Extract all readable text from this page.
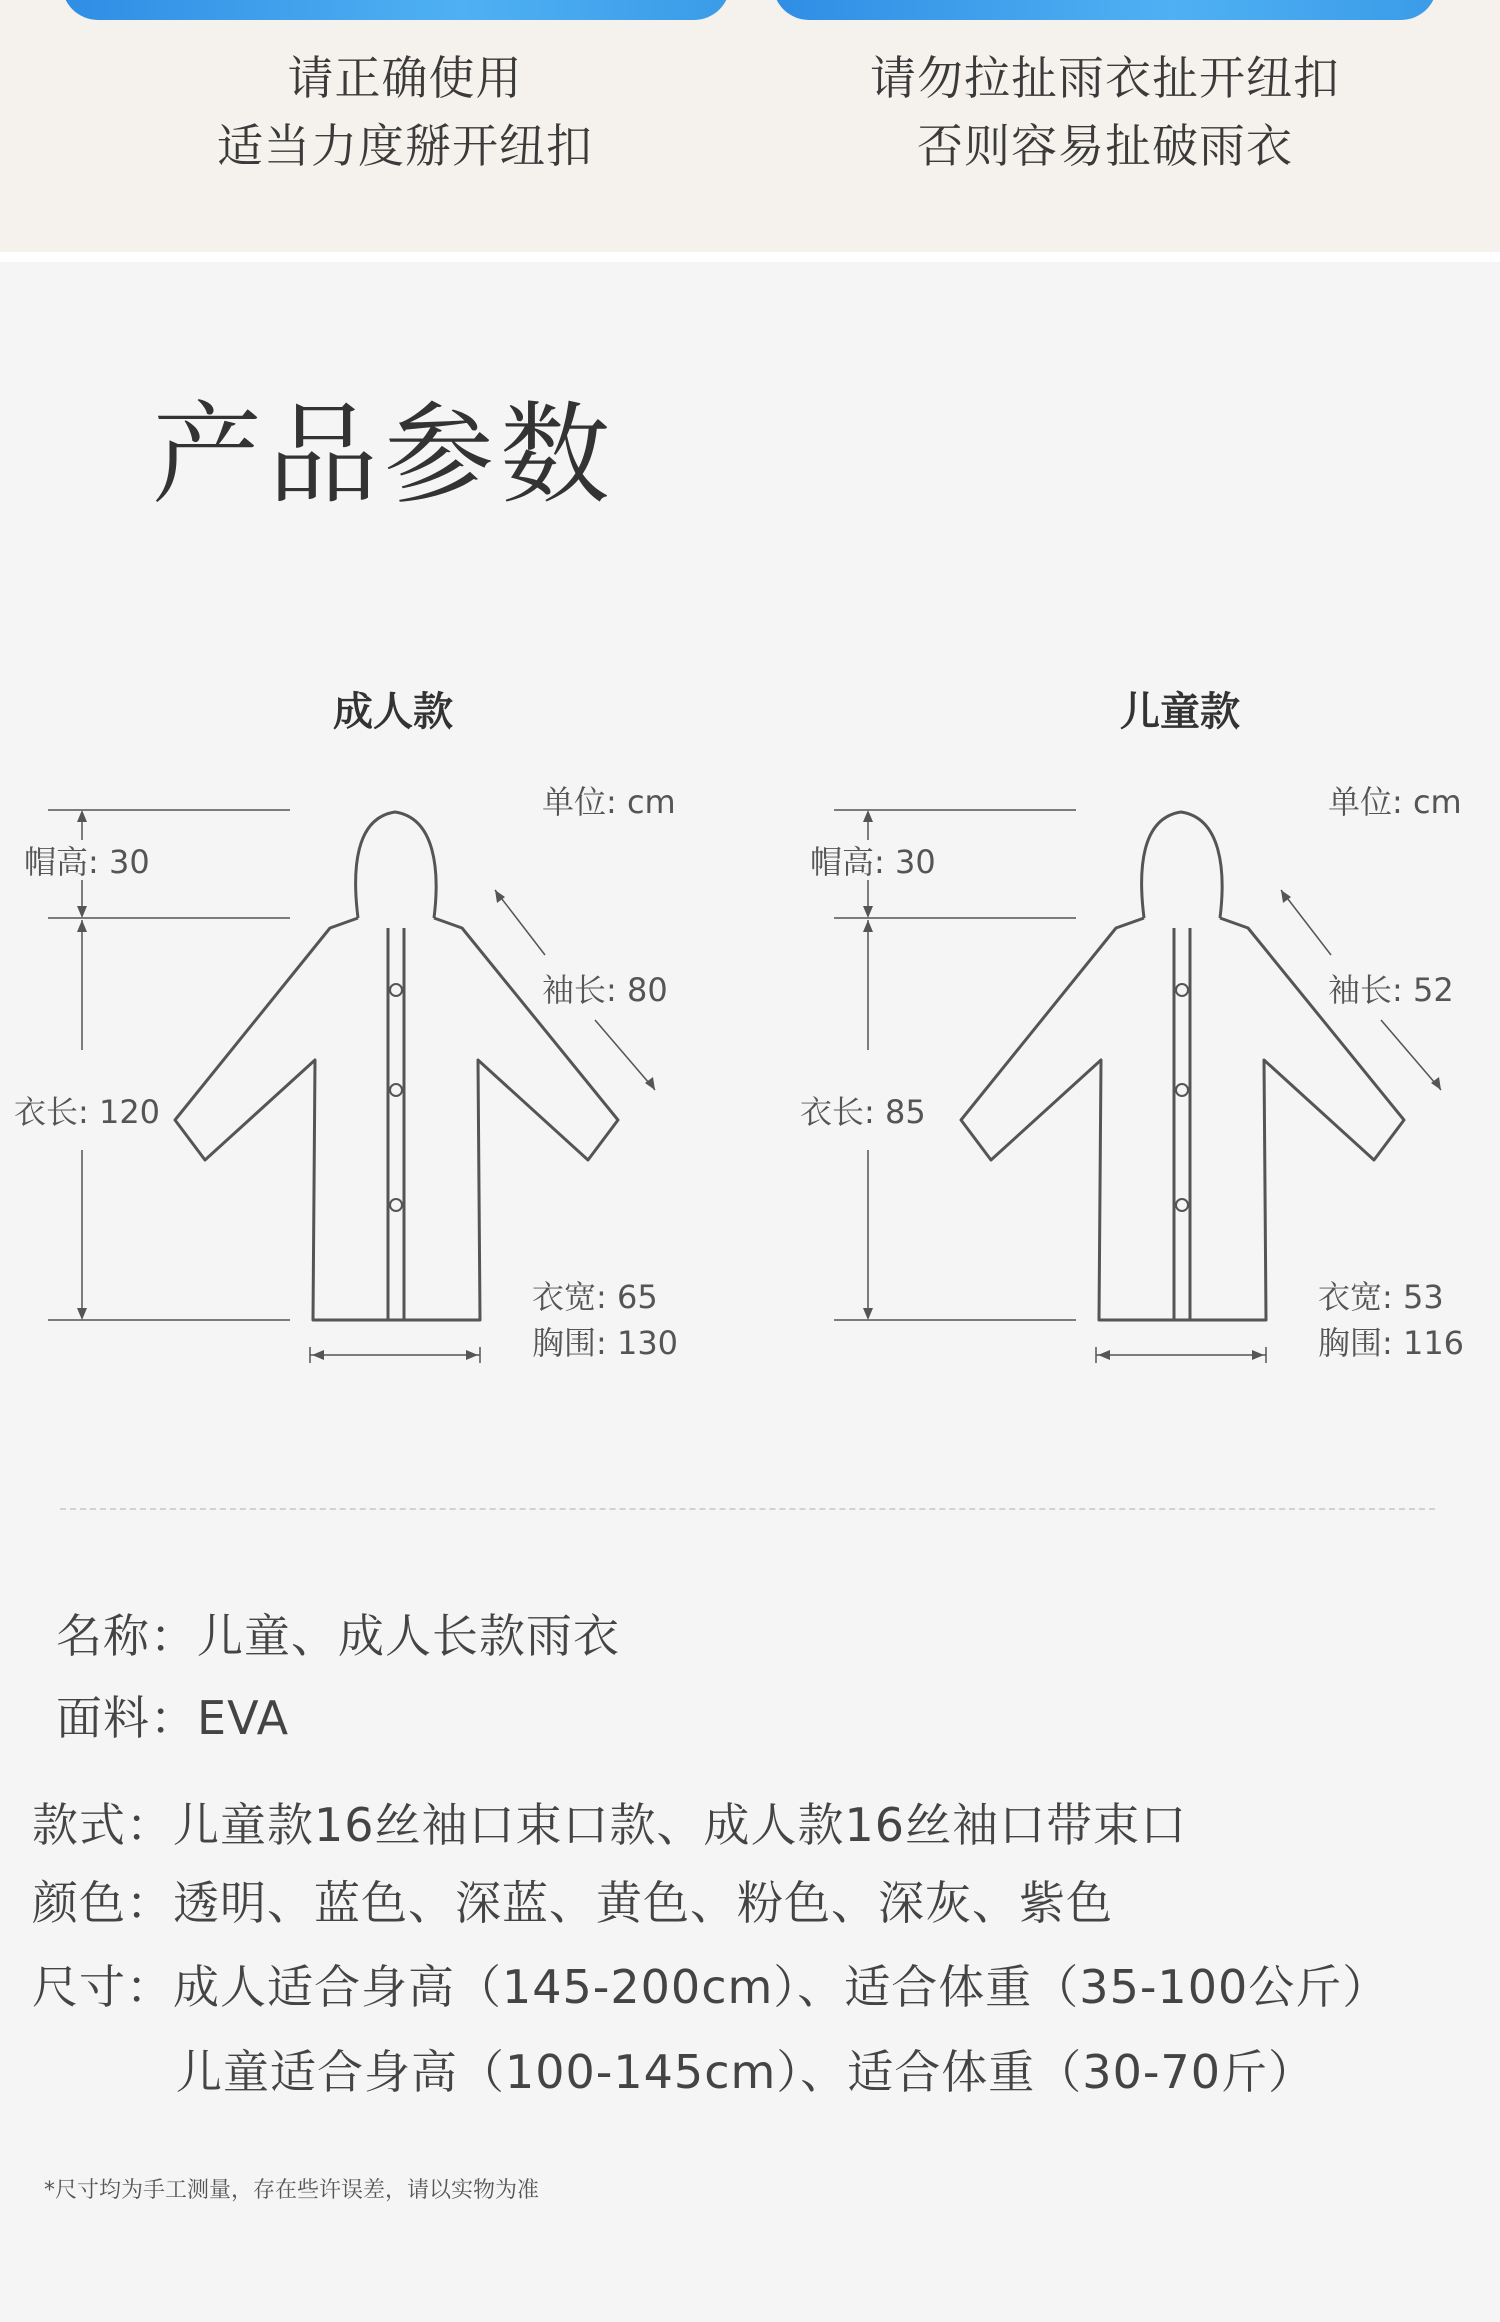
请正确使用
适当力度掰开纽扣
请勿拉扯雨衣扯开纽扣
否则容易扯破雨衣
产品参数
成人款	儿童款
单位: cm
帽高: 30
袖长: 80
衣长: 120
衣宽: 65
胸围: 130
单位: cm
帽高: 30
袖长: 52
衣长: 85
衣宽: 53
胸围: 116
名称：儿童、成人长款雨衣
面料：EVA
款式：儿童款16丝袖口束口款、成人款16丝袖口带束口
颜色：透明、蓝色、深蓝、黄色、粉色、深灰、紫色
尺寸：成人适合身高（145-200cm）、适合体重（35-100公斤）
儿童适合身高（100-145cm）、适合体重（30-70斤）
*尺寸均为手工测量，存在些许误差，请以实物为准
